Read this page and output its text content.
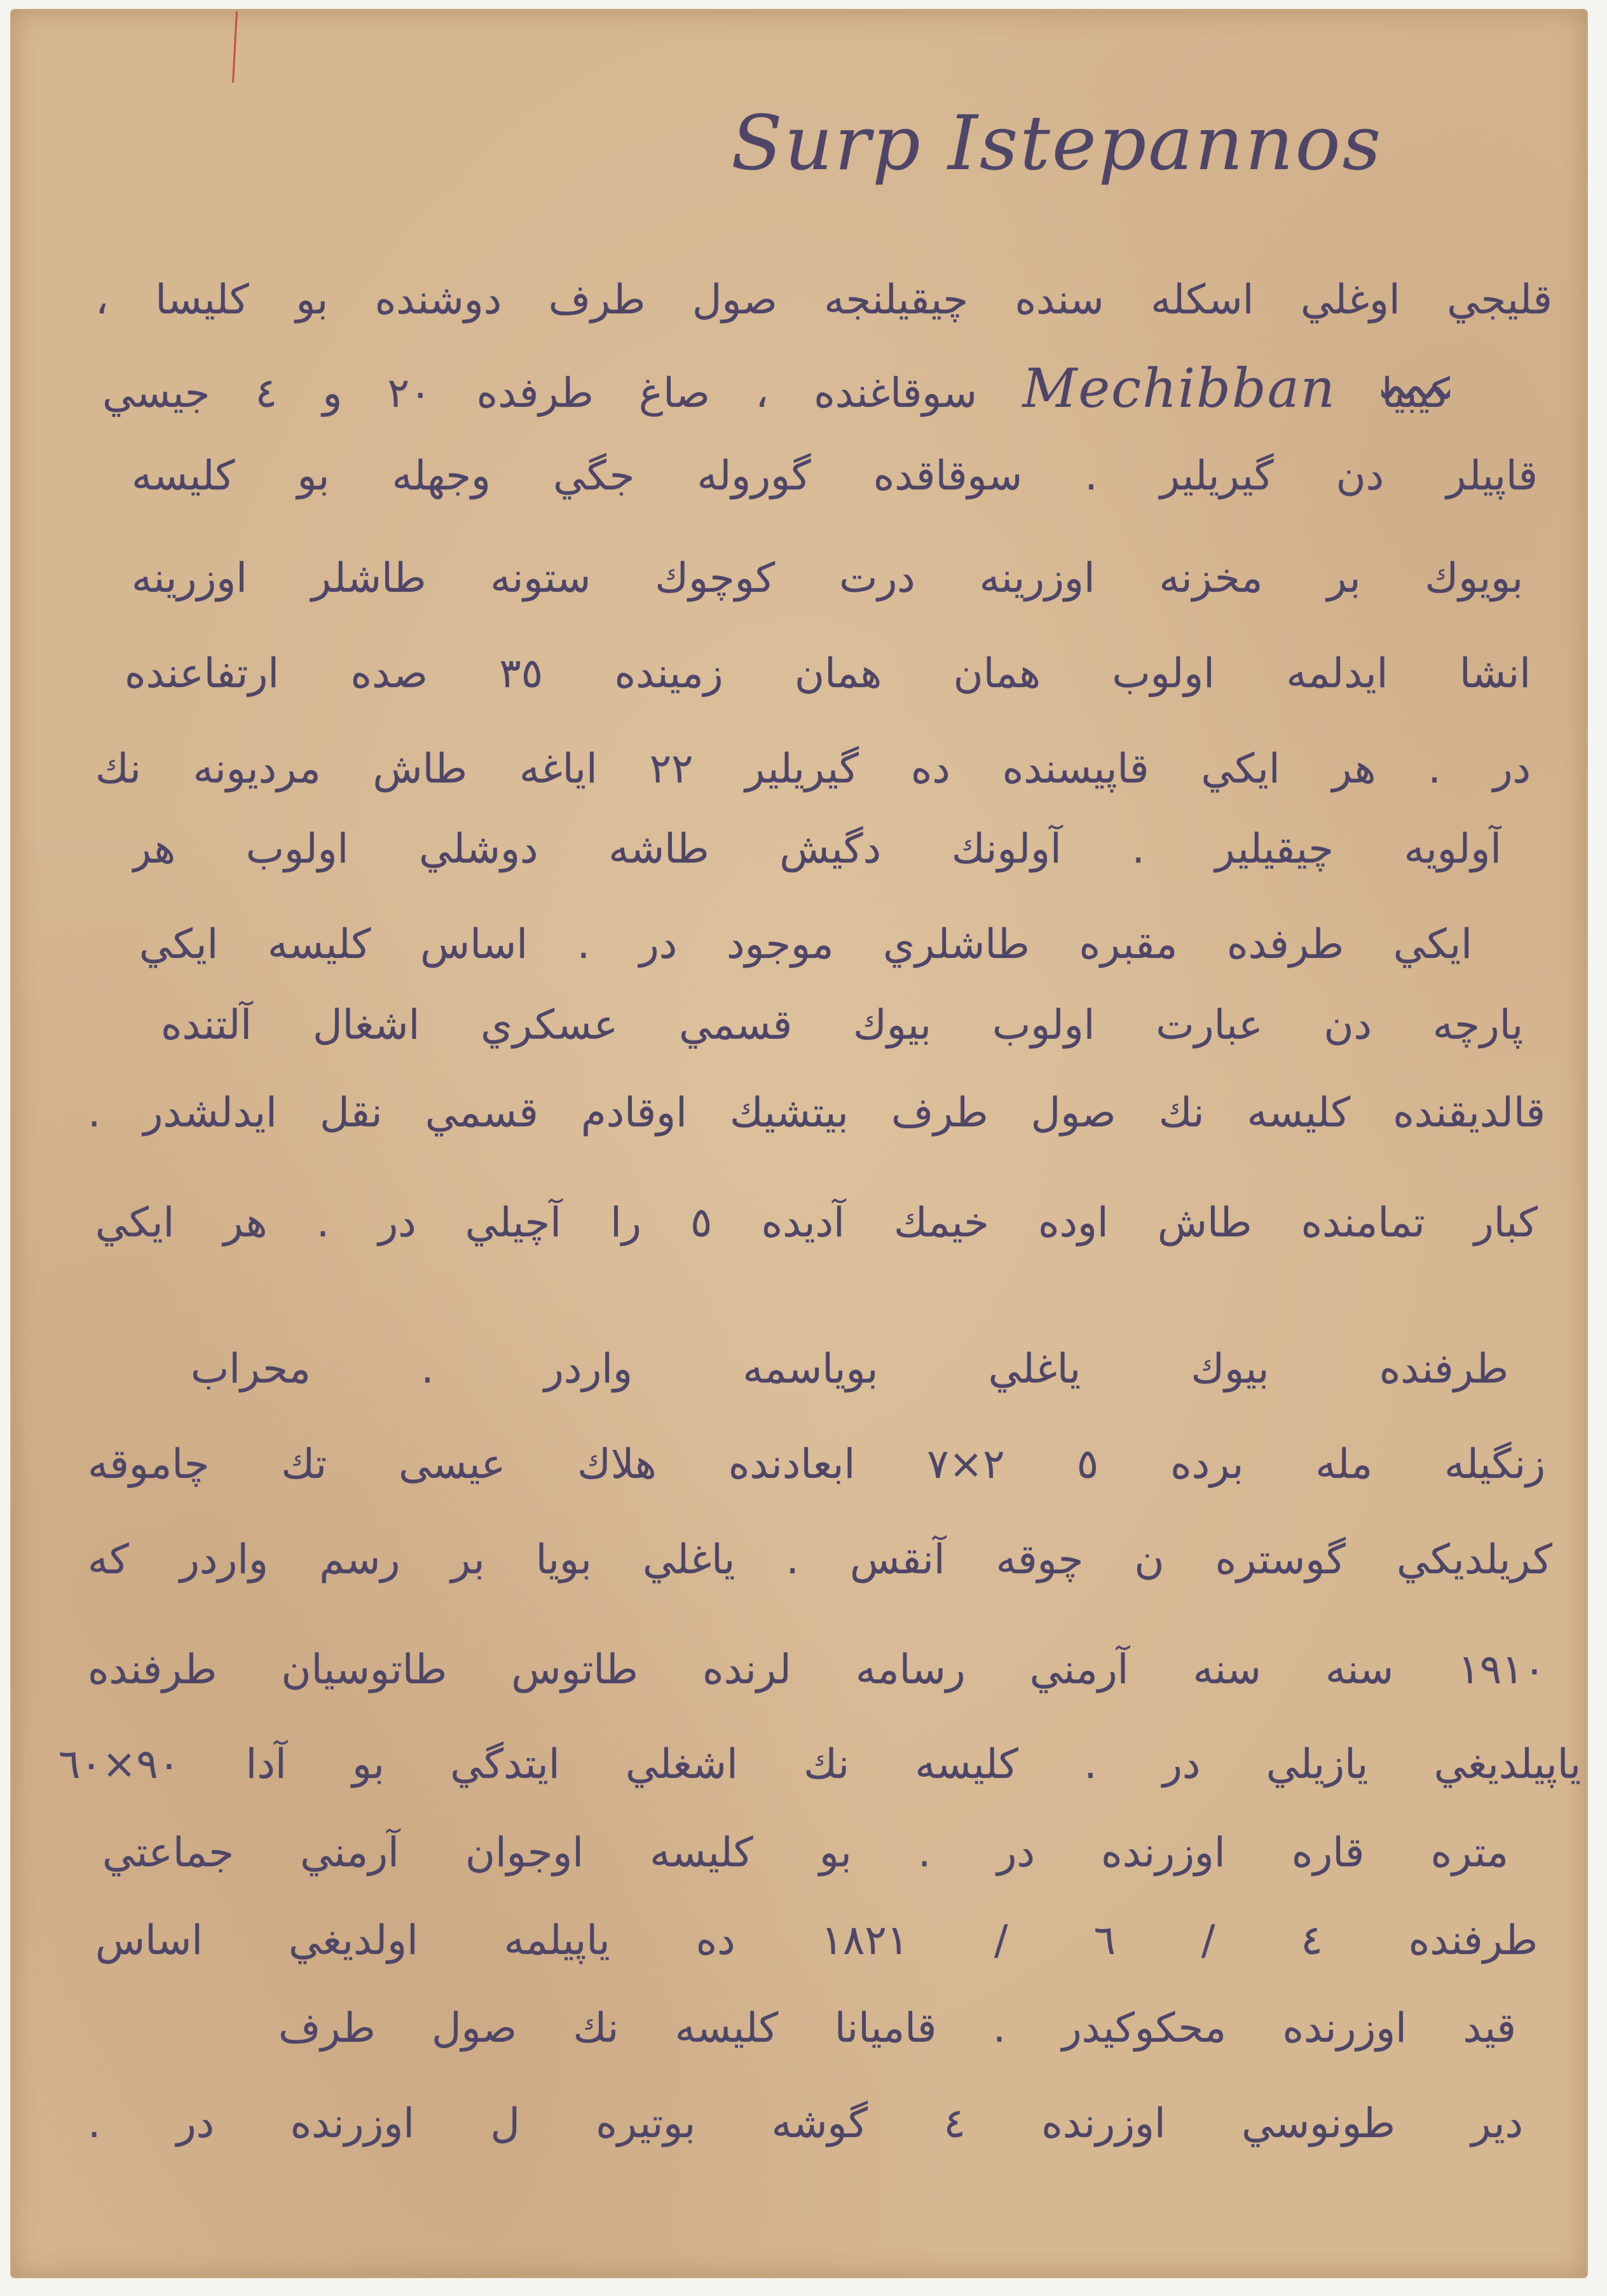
Surp Istepannos
قليجي اوغلي اسكله سنده چيقيلنجه صول طرف دوشنده بو كليسا ،
كيبيا Mechibban سوقاغنده ، صاغ طرفده ٢٠ و ٤ جيسي
قاپيلر دن گيريلير . سوقاقده گوروله جگي وجهله بو كليسه
بويوك بر مخزنه اوزرينه درت كوچوك ستونه طاشلر اوزرينه
انشا ايدلمه اولوب همان همان زمينده ٣٥ صده ارتفاعنده
در . هر ايكي قاپيسنده ده گيريلير ٢٢ اياغه طاش مرديونه نك
آولويه چيقيلير . آولونك دگيش طاشه دوشلي اولوب هر
ايكي طرفده مقبره طاشلري موجود در . اساس كليسه ايكي
پارچه دن عبارت اولوب بيوك قسمي عسكري اشغال آلتنده
قالديقنده كليسه نك صول طرف بيتشيك اوقادم قسمي نقل ايدلشدر .
كبار تمامنده طاش اوده خيمك آديده ٥ را آچيلي در . هر ايكي
طرفنده بيوك ياغلي بوياسمه واردر . محراب
زنگيله مله برده ٥ ٢×٧ ابعادنده هلاك عيسى تك چاموقه
كريلديكي گوستره ن چوقه آنقس . ياغلي بويا بر رسم واردر كه
١٩١٠ سنه سنه آرمني رسامه لرنده طاتوس طاتوسيان طرفنده
ياپيلديغي يازيلي در . كليسه نك اشغلي ايتدگي بو آدا ٩٠×٦٠
متره قاره اوزرنده در . بو كليسه اوجوان آرمني جماعتي
طرفنده ٤ / ٦ / ١٨٢١ ده ياپيلمه اولديغي اساس
قيد اوزرنده محكوكيدر . قاميانا كليسه نك صول طرف
دير طونوسي اوزرنده ٤ گوشه بوتيره ل اوزرنده در .
